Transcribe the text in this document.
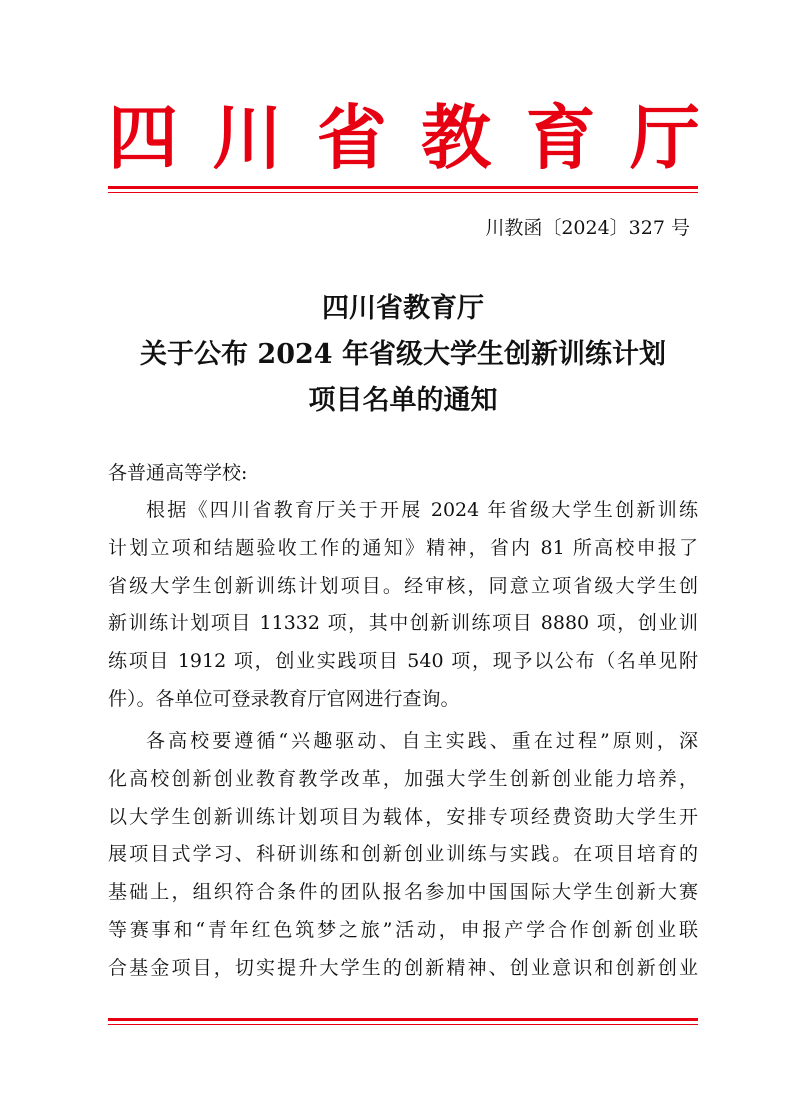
四 川 省 教 育 厅
川教函〔2024〕327 号
四川省教育厅
关于公布 2024 年省级大学生创新训练计划
项目名单的通知
各普通高等学校:
根据《四川省教育厅关于开展 2024 年省级大学生创新训练
计划立项和结题验收工作的通知》精神，省内 81 所高校申报了
省级大学生创新训练计划项目。经审核，同意立项省级大学生创
新训练计划项目 11332 项，其中创新训练项目 8880 项，创业训
练项目 1912 项，创业实践项目 540 项，现予以公布（名单见附
件）。各单位可登录教育厅官网进行查询。
各高校要遵循“兴趣驱动、自主实践、重在过程”原则，深
化高校创新创业教育教学改革，加强大学生创新创业能力培养，
以大学生创新训练计划项目为载体，安排专项经费资助大学生开
展项目式学习、科研训练和创新创业训练与实践。在项目培育的
基础上，组织符合条件的团队报名参加中国国际大学生创新大赛
等赛事和“青年红色筑梦之旅”活动，申报产学合作创新创业联
合基金项目，切实提升大学生的创新精神、创业意识和创新创业
